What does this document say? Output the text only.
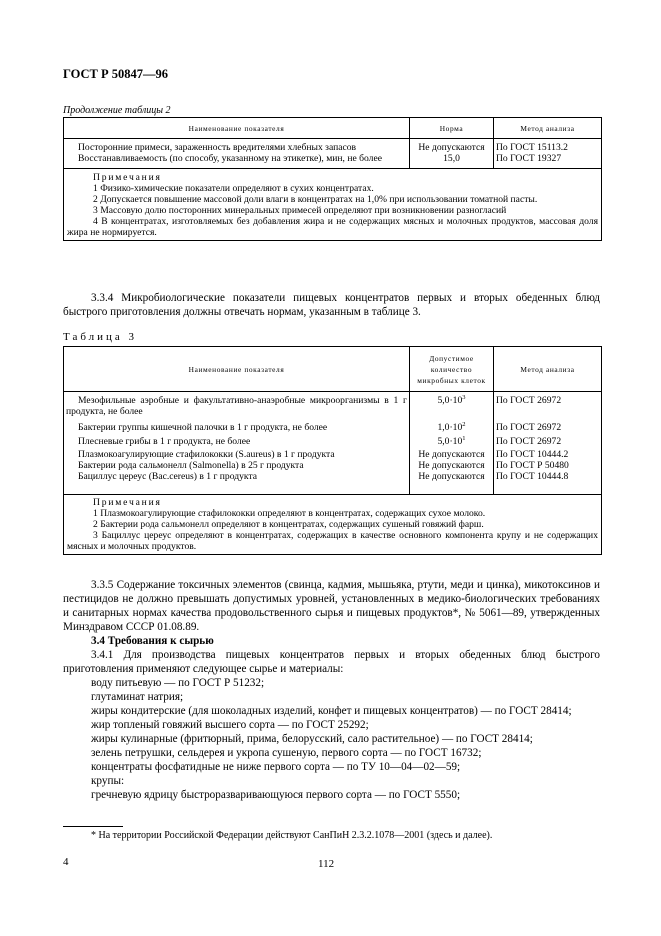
ГОСТ Р 50847—96
Продолжение таблицы 2
Наименование показателя	Норма	Метод анализа
Посторонние примеси, зараженность вредителями хлебных запасов	Не допускаются	По ГОСТ 15113.2
Восстанавливаемость (по способу, указанному на этикетке), мин, не более	15,0	По ГОСТ 19327

Примечания
1 Физико-химические показатели определяют в сухих концентратах.
2 Допускается повышение массовой доли влаги в концентратах на 1,0% при использовании томатной пасты.
3 Массовую долю посторонних минеральных примесей определяют при возникновении разногласий
4 В концентратах, изготовляемых без добавления жира и не содержащих мясных и молочных продуктов, массовая доля жира не нормируется.		

3.3.4 Микробиологические показатели пищевых концентратов первых и вторых обеденных блюд быстрого приготовления должны отвечать нормам, указанным в таблице 3.

Таблица 3
Наименование показателя	Допустимое количество микробных клеток	Метод анализа
Мезофильные аэробные и факультативно-анаэробные микроорганизмы в 1 г продукта, не более	$5,0\cdot 10^3$	По ГОСТ 26972
Бактерии группы кишечной палочки в 1 г продукта, не более	$1,0\cdot 10^2$	По ГОСТ 26972
Плесневые грибы в 1 г продукта, не более	$5,0\cdot 10^1$	По ГОСТ 26972
Плазмокоагулирующие стафилококки (S.aureus) в 1 г продукта	Не допускаются	По ГОСТ 10444.2
Бактерии рода сальмонелл (Salmonella) в 25 г продукта	Не допускаются	По ГОСТ Р 50480
Бациллус цереус (Bac.cereus) в 1 г продукта	Не допускаются	По ГОСТ 10444.8

Примечания
1 Плазмокоагулирующие стафилококки определяют в концентратах, содержащих сухое молоко.
2 Бактерии рода сальмонелл определяют в концентратах, содержащих сушеный говяжий фарш.
3 Бациллус цереус определяют в концентратах, содержащих в качестве основного компонента крупу и не содержащих мясных и молочных продуктов.		

3.3.5 Содержание токсичных элементов (свинца, кадмия, мышьяка, ртути, меди и цинка), микотоксинов и пестицидов не должно превышать допустимых уровней, установленных в медико-биологических требованиях и санитарных нормах качества продовольственного сырья и пищевых продуктов*, № 5061—89, утвержденных Минздравом СССР 01.08.89.

3.4 Требования к сырью

3.4.1 Для производства пищевых концентратов первых и вторых обеденных блюд быстрого приготовления применяют следующее сырье и материалы:

воду питьевую — по ГОСТ Р 51232;

глутаминат натрия;

жиры кондитерские (для шоколадных изделий, конфет и пищевых концентратов) — по ГОСТ 28414;

жир топленый говяжий высшего сорта — по ГОСТ 25292;

жиры кулинарные (фритюрный, прима, белорусский, сало растительное) — по ГОСТ 28414;

зелень петрушки, сельдерея и укропа сушеную, первого сорта — по ГОСТ 16732;

концентраты фосфатидные не ниже первого сорта — по ТУ 10—04—02—59;

крупы:

гречневую ядрицу быстроразваривающуюся первого сорта — по ГОСТ 5550;

* На территории Российской Федерации действуют СанПиН 2.3.2.1078—2001 (здесь и далее).
4	112
